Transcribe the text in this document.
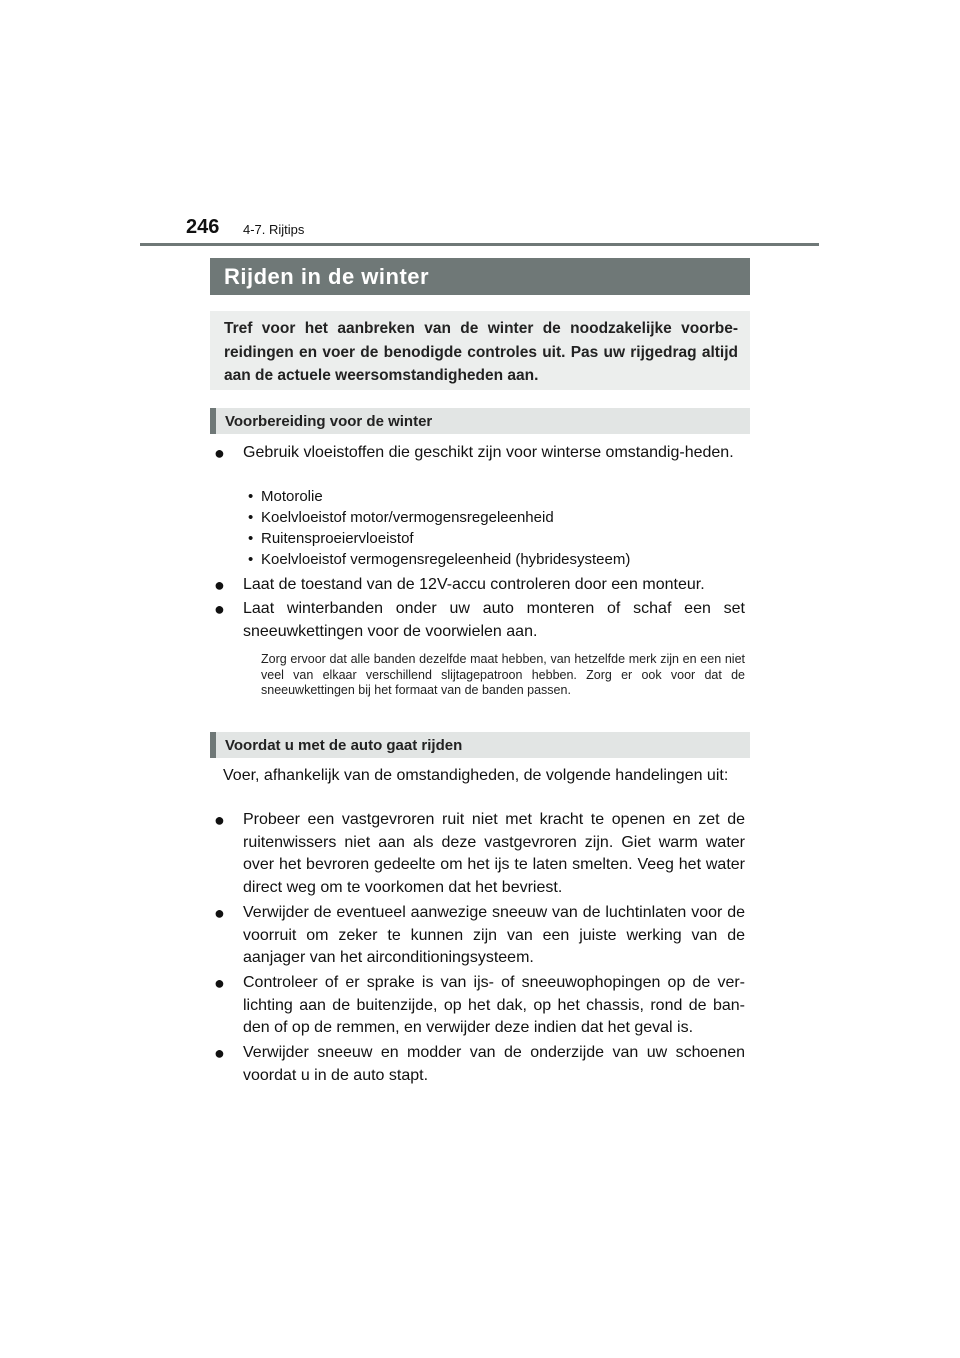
246 4-7. Rijtips
Rijden in de winter
Tref voor het aanbreken van de winter de noodzakelijke voorbe-reidingen en voer de benodigde controles uit. Pas uw rijgedrag altijd aan de actuele weersomstandigheden aan.
Voorbereiding voor de winter
● Gebruik vloeistoffen die geschikt zijn voor winterse omstandig-heden.
• Motorolie
• Koelvloeistof motor/vermogensregeleenheid
• Ruitensproeiervloeistof
• Koelvloeistof vermogensregeleenheid (hybridesysteem)
● Laat de toestand van de 12V-accu controleren door een monteur.
● Laat winterbanden onder uw auto monteren of schaf een set sneeuwkettingen voor de voorwielen aan.
Zorg ervoor dat alle banden dezelfde maat hebben, van hetzelfde merk zijn en een niet veel van elkaar verschillend slijtagepatroon hebben. Zorg er ook voor dat de sneeuwkettingen bij het formaat van de banden passen.
Voordat u met de auto gaat rijden
Voer, afhankelijk van de omstandigheden, de volgende handelingen uit:
● Probeer een vastgevroren ruit niet met kracht te openen en zet de ruitenwissers niet aan als deze vastgevroren zijn. Giet warm water over het bevroren gedeelte om het ijs te laten smelten. Veeg het water direct weg om te voorkomen dat het bevriest.
● Verwijder de eventueel aanwezige sneeuw van de luchtinlaten voor de voorruit om zeker te kunnen zijn van een juiste werking van de aanjager van het airconditioningsysteem.
● Controleer of er sprake is van ijs- of sneeuwophopingen op de ver-lichting aan de buitenzijde, op het dak, op het chassis, rond de ban-den of op de remmen, en verwijder deze indien dat het geval is.
● Verwijder sneeuw en modder van de onderzijde van uw schoenen voordat u in de auto stapt.
